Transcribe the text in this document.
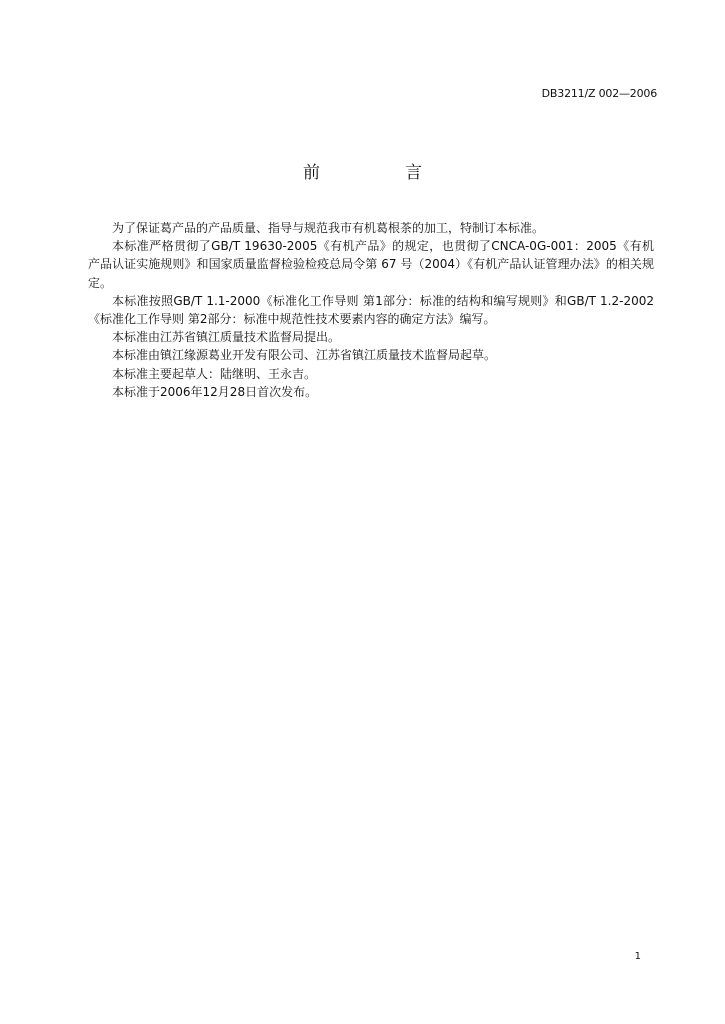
DB3211/Z 002—2006
前　言

为了保证葛产品的产品质量、指导与规范我市有机葛根茶的加工，特制订本标准。

本标准严格贯彻了GB/T 19630-2005《有机产品》的规定，也贯彻了CNCA-0G-001：2005《有机产品认证实施规则》和国家质量监督检验检疫总局令第 67 号（2004）《有机产品认证管理办法》的相关规定。

本标准按照GB/T 1.1-2000《标准化工作导则 第1部分：标准的结构和编写规则》和GB/T 1.2-2002《标准化工作导则 第2部分：标准中规范性技术要素内容的确定方法》编写。

本标准由江苏省镇江质量技术监督局提出。

本标准由镇江缘源葛业开发有限公司、江苏省镇江质量技术监督局起草。

本标准主要起草人：陆继明、王永吉。

本标准于2006年12月28日首次发布。

1
